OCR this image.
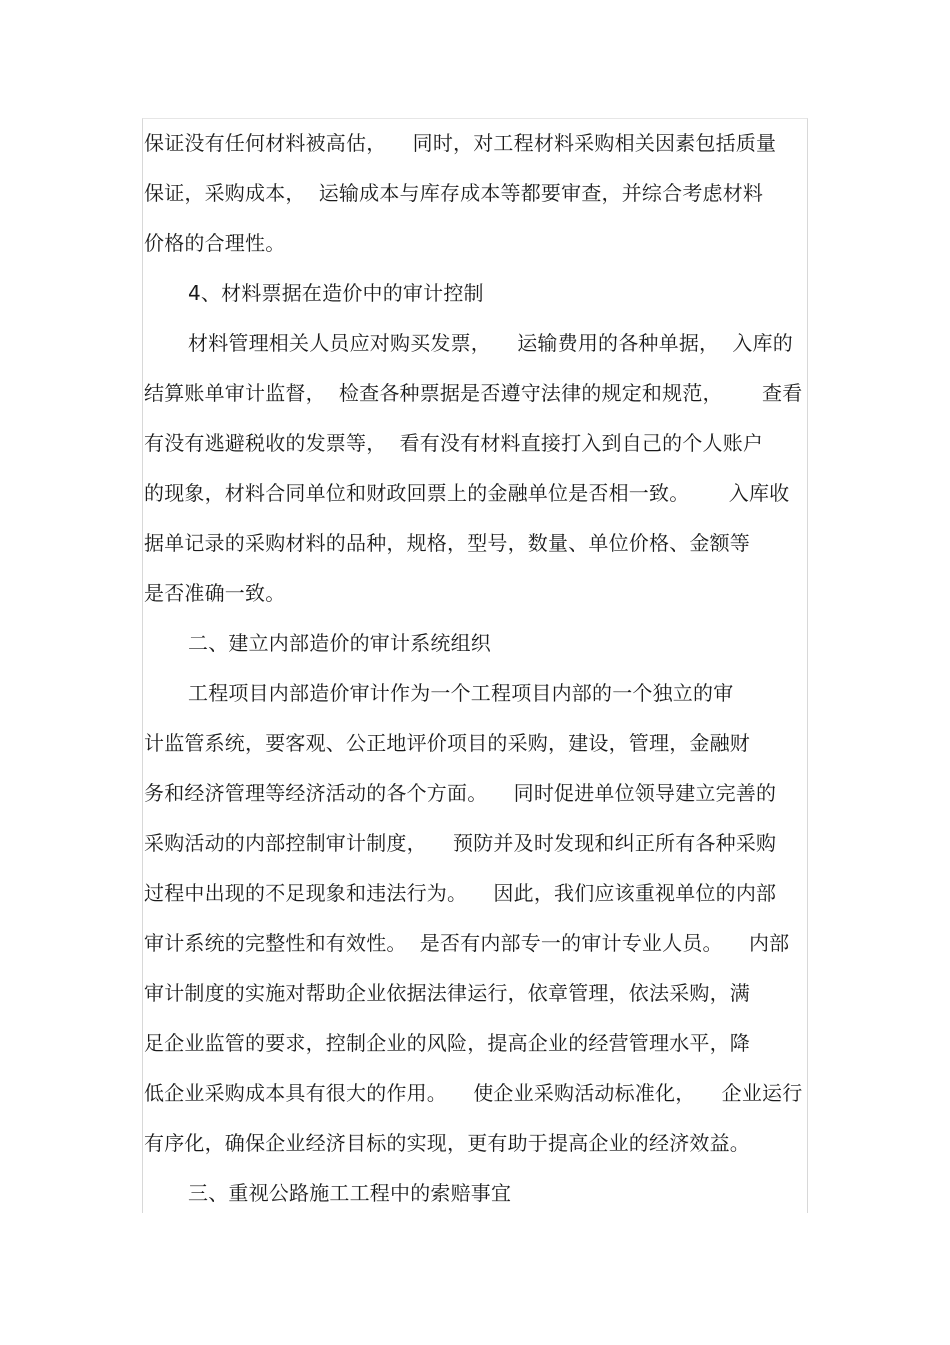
保证没有任何材料被高估，    同时，对工程材料采购相关因素包括质量
保证，采购成本，  运输成本与库存成本等都要审查，并综合考虑材料
价格的合理性。
4、材料票据在造价中的审计控制
材料管理相关人员应对购买发票，    运输费用的各种单据，  入库的
结算账单审计监督，  检查各种票据是否遵守法律的规定和规范，      查看
有没有逃避税收的发票等，  看有没有材料直接打入到自己的个人账户
的现象，材料合同单位和财政回票上的金融单位是否相一致。      入库收
据单记录的采购材料的品种，规格，型号，数量、单位价格、金额等
是否准确一致。
二、建立内部造价的审计系统组织
工程项目内部造价审计作为一个工程项目内部的一个独立的审
计监管系统，要客观、公正地评价项目的采购，建设，管理，金融财
务和经济管理等经济活动的各个方面。    同时促进单位领导建立完善的
采购活动的内部控制审计制度，    预防并及时发现和纠正所有各种采购
过程中出现的不足现象和违法行为。    因此，我们应该重视单位的内部
审计系统的完整性和有效性。  是否有内部专一的审计专业人员。    内部
审计制度的实施对帮助企业依据法律运行，依章管理，依法采购，满
足企业监管的要求，控制企业的风险，提高企业的经营管理水平，降
低企业采购成本具有很大的作用。    使企业采购活动标准化，    企业运行
有序化，确保企业经济目标的实现，更有助于提高企业的经济效益。
三、重视公路施工工程中的索赔事宜
